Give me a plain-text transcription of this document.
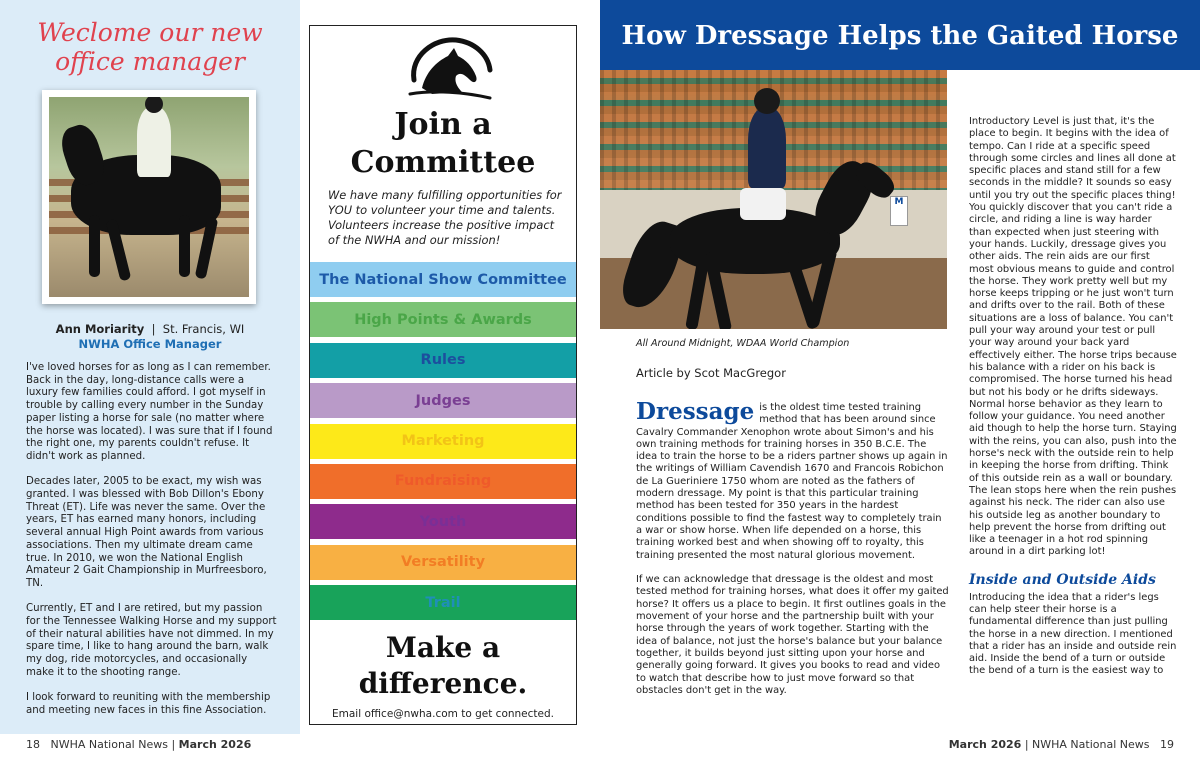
Weclome our new office manager
Ann Moriarity  |  St. Francis, WI
NWHA Office Manager

I've loved horses for as long as I can remember. Back in the day, long-distance calls were a luxury few families could afford. I got myself in trouble by calling every number in the Sunday paper listing a horse for sale (no matter where the horse was located). I was sure that if I found the right one, my parents couldn't refuse. It didn't work as planned.

Decades later, 2005 to be exact, my wish was granted. I was blessed with Bob Dillon's Ebony Threat (ET). Life was never the same. Over the years, ET has earned many honors, including several annual High Point awards from various associations. Then my ultimate dream came true. In 2010, we won the National English Amateur 2 Gait Championship in Murfreesboro, TN.

Currently, ET and I are retired, but my passion for the Tennessee Walking Horse and my support of their natural abilities have not dimmed. In my spare time, I like to hang around the barn, walk my dog, ride motorcycles, and occasionally make it to the shooting range.

I look forward to reuniting with the membership and meeting new faces in this fine Association.

Join a
Committee
We have many fulfilling opportunities for YOU to volunteer your time and talents. Volunteers increase the positive impact of the NWHA and our mission!
The National Show Committee
High Points & Awards
Rules
Judges
Marketing
Fundraising
Youth
Versatility
Trail
Make a
difference.
Email office@nwha.com to get connected.
How Dressage Helps the Gaited Horse
M
All Around Midnight, WDAA World Champion
Article by Scot MacGregor

Dressage is the oldest time tested training method that has been around since Cavalry Commander Xenophon wrote about Simon's and his own training methods for training horses in 350 B.C.E. The idea to train the horse to be a riders partner shows up again in the writings of William Cavendish 1670 and Francois Robichon de La Gueriniere 1750 whom are noted as the fathers of modern dressage. My point is that this particular training method has been tested for 350 years in the hardest conditions possible to find the fastest way to completely train a war or show horse. When life depended on a horse, this training worked best and when showing off to royalty, this training presented the most natural glorious movement.

If we can acknowledge that dressage is the oldest and most tested method for training horses, what does it offer my gaited horse? It offers us a place to begin. It first outlines goals in the movement of your horse and the partnership built with your horse through the years of work together. Starting with the idea of balance, not just the horse's balance but your balance together, it builds beyond just sitting upon your horse and generally going forward. It gives you books to read and video to watch that describe how to just move forward so that obstacles don't get in the way.

Introductory Level is just that, it's the place to begin. It begins with the idea of tempo. Can I ride at a specific speed through some circles and lines all done at specific places and stand still for a few seconds in the middle? It sounds so easy until you try out the specific places thing! You quickly discover that you can't ride a circle, and riding a line is way harder than expected when just steering with your hands. Luckily, dressage gives you other aids. The rein aids are our first most obvious means to guide and control the horse. They work pretty well but my horse keeps tripping or he just won't turn and drifts over to the rail. Both of these situations are a loss of balance. You can't pull your way around your test or pull your way around your back yard effectively either. The horse trips because his balance with a rider on his back is compromised. The horse turned his head but not his body or he drifts sideways. Normal horse behavior as they learn to follow your guidance. You need another aid though to help the horse turn. Staying with the reins, you can also, push into the horse's neck with the outside rein to help in keeping the horse from drifting. Think of this outside rein as a wall or boundary. The lean stops here when the rein pushes against his neck. The rider can also use his outside leg as another boundary to help prevent the horse from drifting out like a teenager in a hot rod spinning around in a dirt parking lot!

Inside and Outside Aids

Introducing the idea that a rider's legs can help steer their horse is a fundamental difference than just pulling the horse in a new direction. I mentioned that a rider has an inside and outside rein aid. Inside the bend of a turn or outside the bend of a turn is the easiest way to

18 NWHA National News | March 2026	March 2026 | NWHA National News 19
